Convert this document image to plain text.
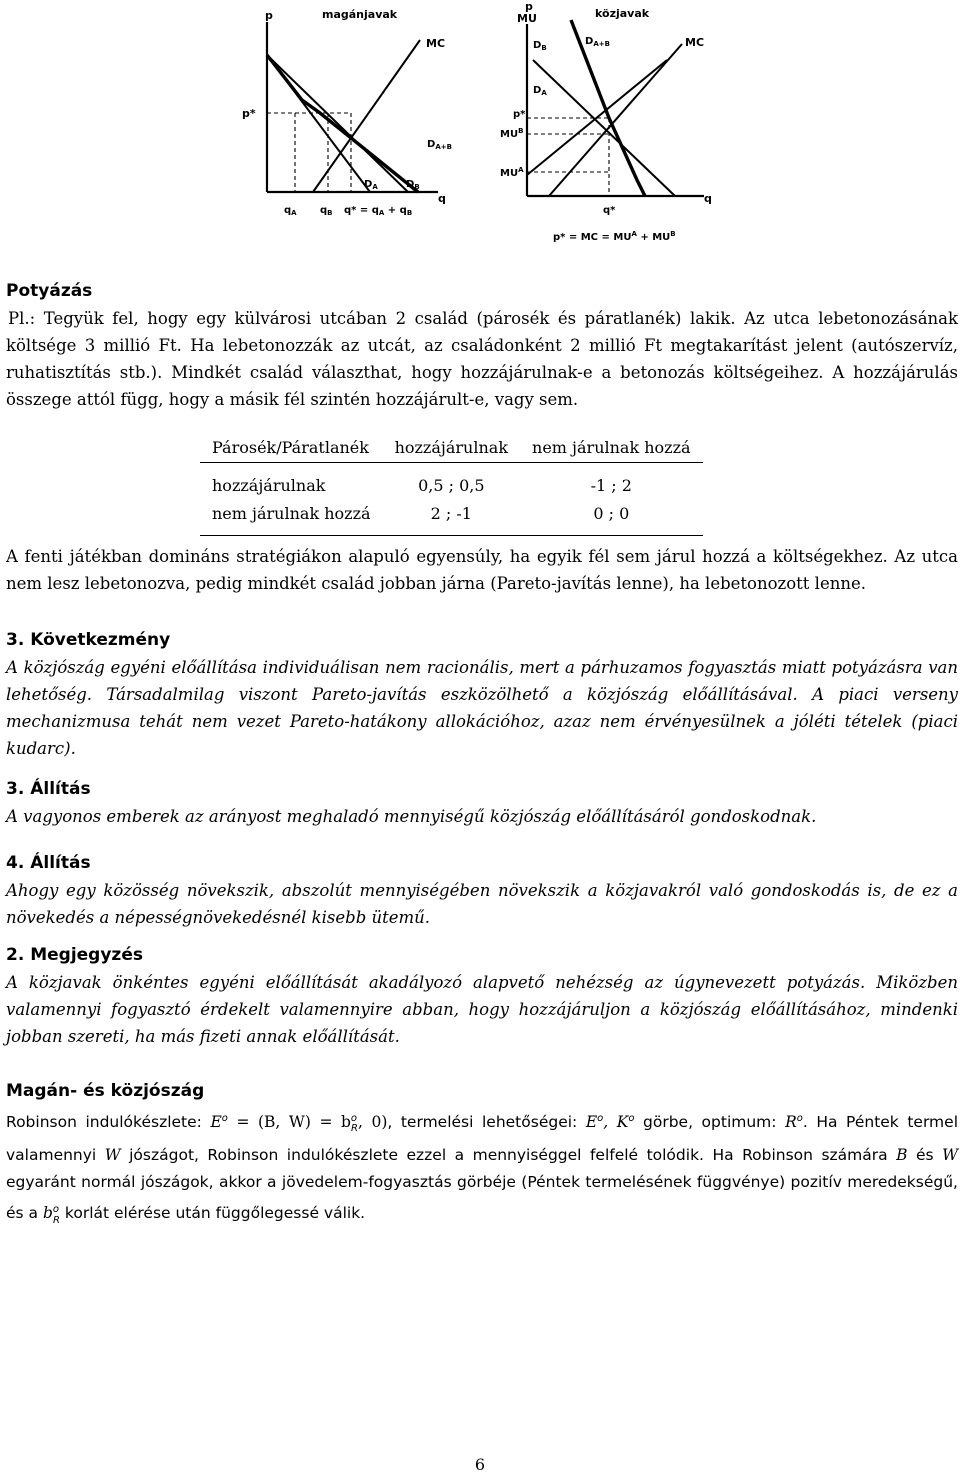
p	magánjavak
MC
p*
$D_{A+B}$
$D_A$	$D_B$
q
$q_A$ $q_B$ $q* = q_A + q_B$
p
MU	közjavak
$D_B$
$D_{A+B}$	MC
$D_A$
p*
$MU^B$
$MU^A$
q
q*
p* = MC = $MU^A + MU^B$
Potyázás

Pl.: Tegyük fel, hogy egy külvárosi utcában 2 család (párosék és páratlanék) lakik. Az utca lebetonozásának költsége 3 millió Ft. Ha lebetonozzák az utcát, az családonként 2 millió Ft megtakarítást jelent (autószervíz, ruhatisztítás stb.). Mindkét család választhat, hogy hozzájárulnak-e a betonozás költségeihez. A hozzájárulás összege attól függ, hogy a másik fél szintén hozzájárult-e, vagy sem.

Párosék/Páratlanék	hozzájárulnak	nem járulnak hozzá
hozzájárulnak	0,5 ; 0,5	-1 ; 2
nem járulnak hozzá	2 ; -1	0 ; 0

A fenti játékban domináns stratégiákon alapuló egyensúly, ha egyik fél sem járul hozzá a költségekhez. Az utca nem lesz lebetonozva, pedig mindkét család jobban járna (Pareto-javítás lenne), ha lebetonozott lenne.

3. Következmény

A közjószág egyéni előállítása individuálisan nem racionális, mert a párhuzamos fogyasztás miatt potyázásra van lehetőség. Társadalmilag viszont Pareto-javítás eszközölhető a közjószág előállításával. A piaci verseny mechanizmusa tehát nem vezet Pareto-hatákony allokációhoz, azaz nem érvényesülnek a jóléti tételek (piaci kudarc).

3. Állítás

A vagyonos emberek az arányost meghaladó mennyiségű közjószág előállításáról gondoskodnak.

4. Állítás

Ahogy egy közösség növekszik, abszolút mennyiségében növekszik a közjavakról való gondoskodás is, de ez a növekedés a népességnövekedésnél kisebb ütemű.

2. Megjegyzés

A közjavak önkéntes egyéni előállítását akadályozó alapvető nehézség az úgynevezett potyázás. Miközben valamennyi fogyasztó érdekelt valamennyire abban, hogy hozzájáruljon a közjószág előállításához, mindenki jobban szereti, ha más fizeti annak előállítását.

Magán- és közjószág

Robinson indulókészlete: $E^o = (B$, $W) = b^o_R$, 0), termelési lehetőségei: $E^o$, $K^o$ görbe, optimum: $R^o$. Ha Péntek termel valamennyi W jószágot, Robinson indulókészlete ezzel a mennyiséggel felfelé tolódik. Ha Robinson számára B és W egyaránt normál jószágok, akkor a jövedelem-fogyasztás görbéje (Péntek termelésének függvénye) pozitív meredekségű, és a $b^o_R$ korlát elérése után függőlegessé válik.

6
